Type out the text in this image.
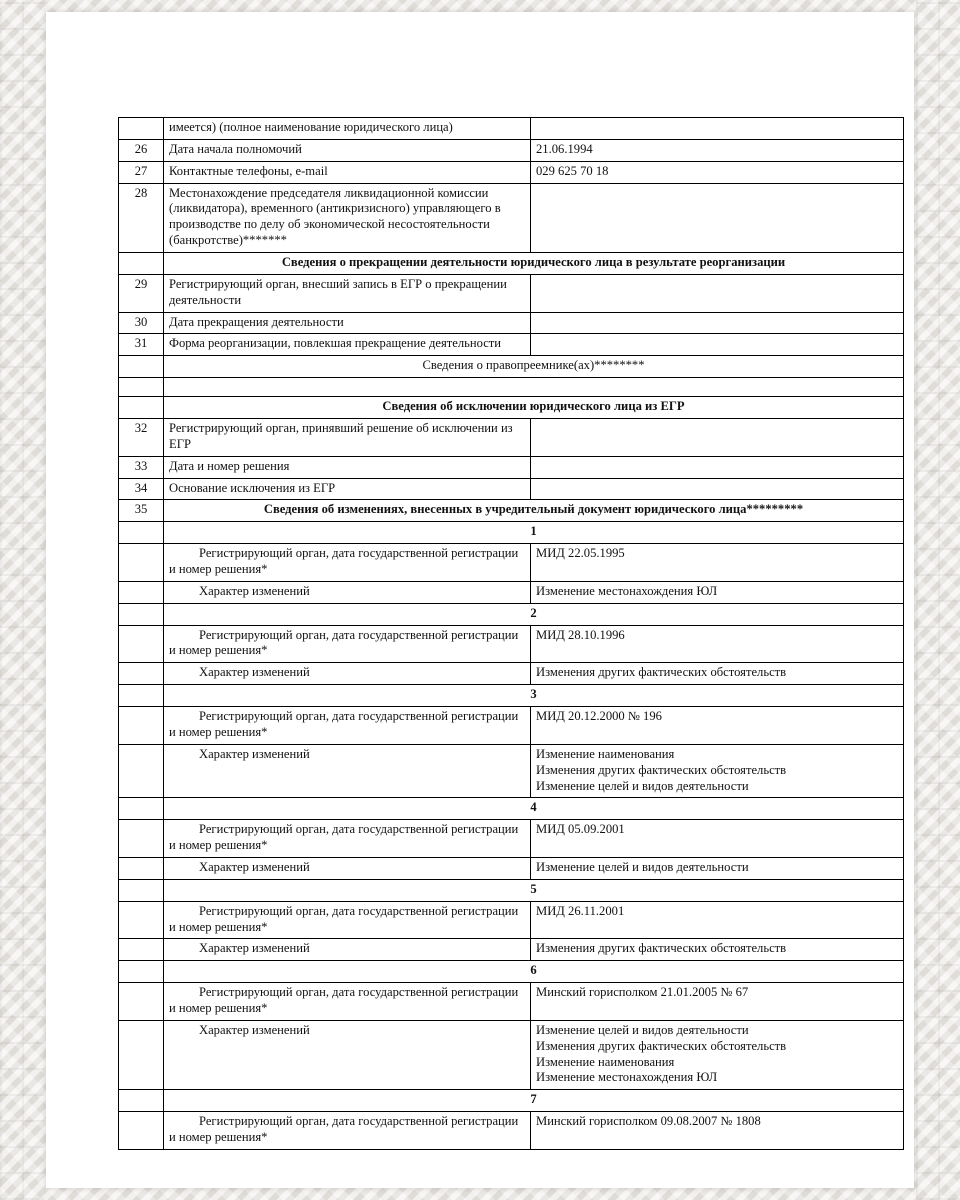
	имеется) (полное наименование юридического лица)	
26	Дата начала полномочий	21.06.1994
27	Контактные телефоны, e-mail	029 625 70 18
28	Местонахождение председателя ликвидационной комиссии (ликвидатора), временного (антикризисного) управляющего в производстве по делу об экономической несостоятельности (банкротстве)*******	
	Сведения о прекращении деятельности юридического лица в результате реорганизации	
29	Регистрирующий орган, внесший запись в ЕГР о прекращении деятельности	
30	Дата прекращения деятельности	
31	Форма реорганизации, повлекшая прекращение деятельности	
	Сведения о правопреемнике(ах)********	

	Сведения об исключении юридического лица из ЕГР	
32	Регистрирующий орган, принявший решение об исключении из ЕГР	
33	Дата и номер решения	
34	Основание исключения из ЕГР	
35	Сведения об изменениях, внесенных в учредительный документ юридического лица*********	
	1	
	Регистрирующий орган, дата государственной регистрации и номер решения*	МИД 22.05.1995
	Характер изменений	Изменение местонахождения ЮЛ
	2	
	Регистрирующий орган, дата государственной регистрации и номер решения*	МИД 28.10.1996
	Характер изменений	Изменения других фактических обстоятельств
	3	
	Регистрирующий орган, дата государственной регистрации и номер решения*	МИД 20.12.2000 № 196
	Характер изменений	Изменение наименования
Изменения других фактических обстоятельств
Изменение целей и видов деятельности

	4	
	Регистрирующий орган, дата государственной регистрации и номер решения*	МИД 05.09.2001
	Характер изменений	Изменение целей и видов деятельности
	5	
	Регистрирующий орган, дата государственной регистрации и номер решения*	МИД 26.11.2001
	Характер изменений	Изменения других фактических обстоятельств
	6	
	Регистрирующий орган, дата государственной регистрации и номер решения*	Минский горисполком 21.01.2005 № 67
	Характер изменений	Изменение целей и видов деятельности
Изменения других фактических обстоятельств
Изменение наименования
Изменение местонахождения ЮЛ

	7	
	Регистрирующий орган, дата государственной регистрации и номер решения*	Минский горисполком 09.08.2007 № 1808
